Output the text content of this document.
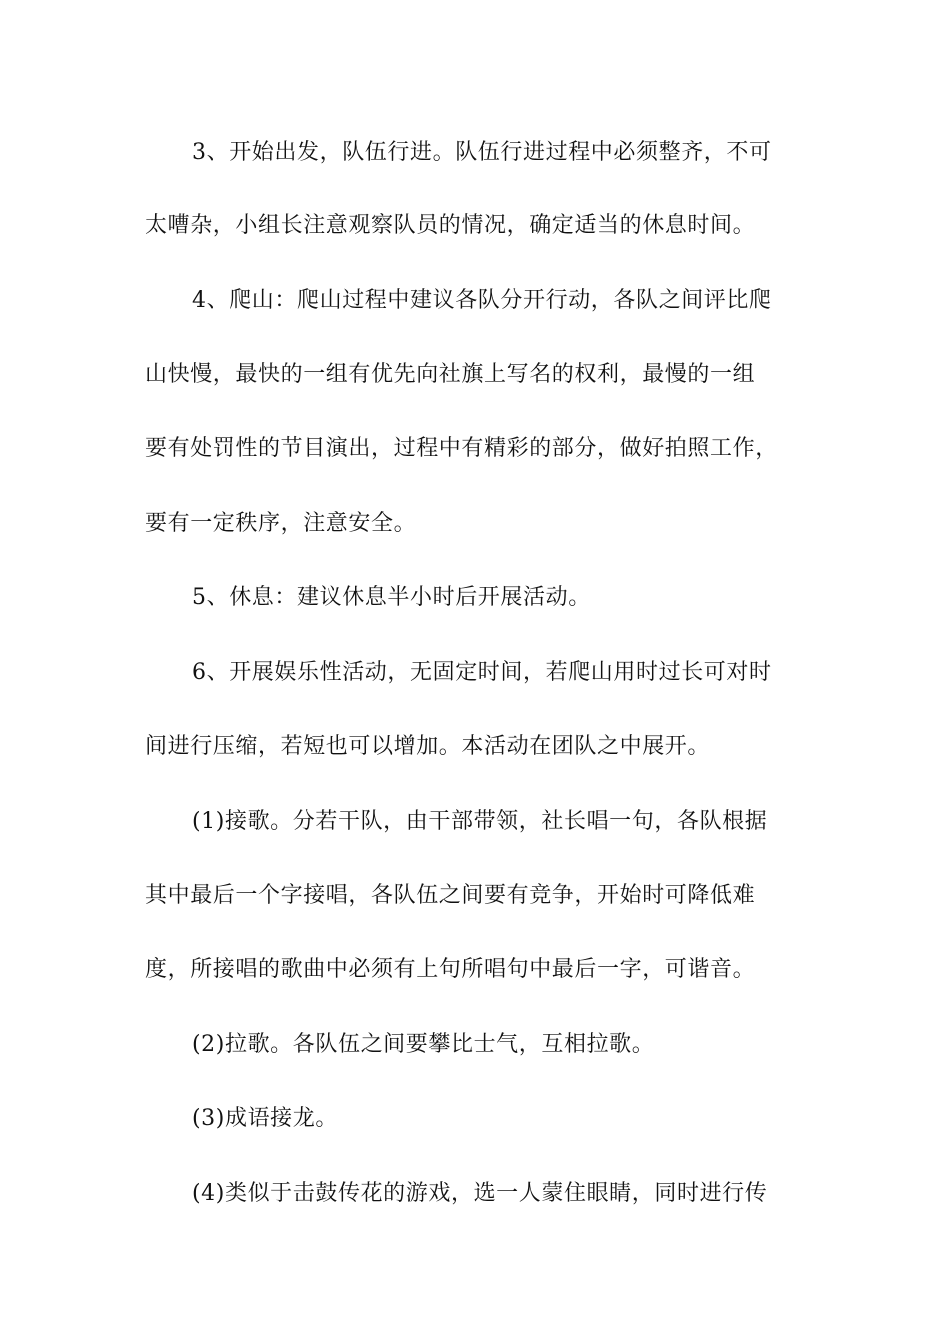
3、开始出发，队伍行进。队伍行进过程中必须整齐，不可
太嘈杂，小组长注意观察队员的情况，确定适当的休息时间。
4、爬山：爬山过程中建议各队分开行动，各队之间评比爬
山快慢，最快的一组有优先向社旗上写名的权利，最慢的一组
要有处罚性的节目演出，过程中有精彩的部分，做好拍照工作，
要有一定秩序，注意安全。
5、休息：建议休息半小时后开展活动。
6、开展娱乐性活动，无固定时间，若爬山用时过长可对时
间进行压缩，若短也可以增加。本活动在团队之中展开。
(1)接歌。分若干队，由干部带领，社长唱一句，各队根据
其中最后一个字接唱，各队伍之间要有竞争，开始时可降低难
度，所接唱的歌曲中必须有上句所唱句中最后一字，可谐音。
(2)拉歌。各队伍之间要攀比士气，互相拉歌。
(3)成语接龙。
(4)类似于击鼓传花的游戏，选一人蒙住眼睛，同时进行传
